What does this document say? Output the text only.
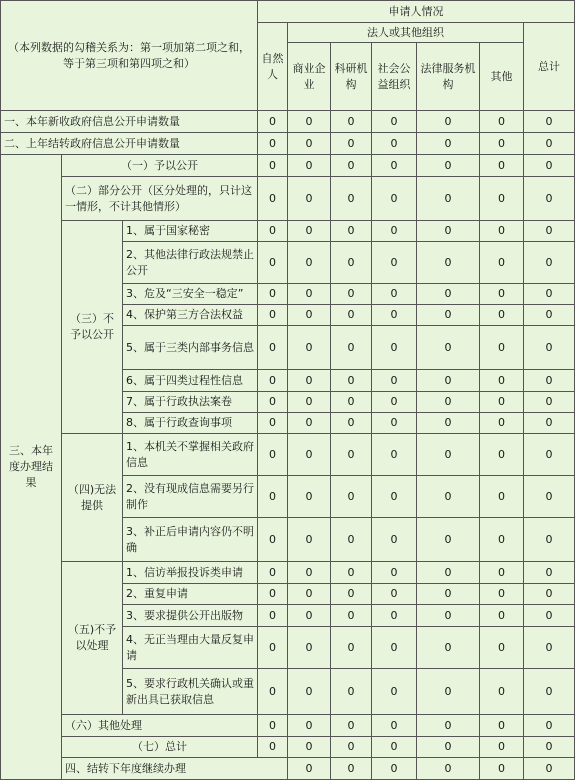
（本列数据的勾稽关系为：第一项加第二项之和，等于第三项和第四项之和）			申请人情况							
			自然人	法人或其他组织					总计	
				商业企业	科研机构	社会公益组织	法律服务机构	其他		
一、本年新收政府信息公开申请数量			0	0	0	0	0	0	0	
二、上年结转政府信息公开申请数量			0	0	0	0	0	0	0	
三、本年度办理结果	（一）予以公开		0	0	0	0	0	0	0	
	（二）部分公开（区分处理的，只计这一情形，不计其他情形）		0	0	0	0	0	0	0	
	（三）不予以公开	1、属于国家秘密	0	0	0	0	0	0	0	
		2、其他法律行政法规禁止公开	0	0	0	0	0	0	0	
		3、危及“三安全一稳定”	0	0	0	0	0	0	0	
		4、保护第三方合法权益	0	0	0	0	0	0	0	
		5、属于三类内部事务信息	0	0	0	0	0	0	0	
		6、属于四类过程性信息	0	0	0	0	0	0	0	
		7、属于行政执法案卷	0	0	0	0	0	0	0	
		8、属于行政查询事项	0	0	0	0	0	0	0	
	（四)无法提供	1、本机关不掌握相关政府信息	0	0	0	0	0	0	0	
		2、没有现成信息需要另行制作	0	0	0	0	0	0	0	
		3、补正后申请内容仍不明确	0	0	0	0	0	0	0	
	（五)不予以处理	1、信访举报投诉类申请	0	0	0	0	0	0	0	
		2、重复申请	0	0	0	0	0	0	0	
		3、要求提供公开出版物	0	0	0	0	0	0	0	
		4、无正当理由大量反复申请	0	0	0	0	0	0	0	
		5、要求行政机关确认或重新出具已获取信息	0	0	0	0	0	0	0	
	（六）其他处理		0	0	0	0	0	0	0	
	（七）总计		0	0	0	0	0	0	0	
	四、结转下年度继续办理			0	0	0	0	0	0	
